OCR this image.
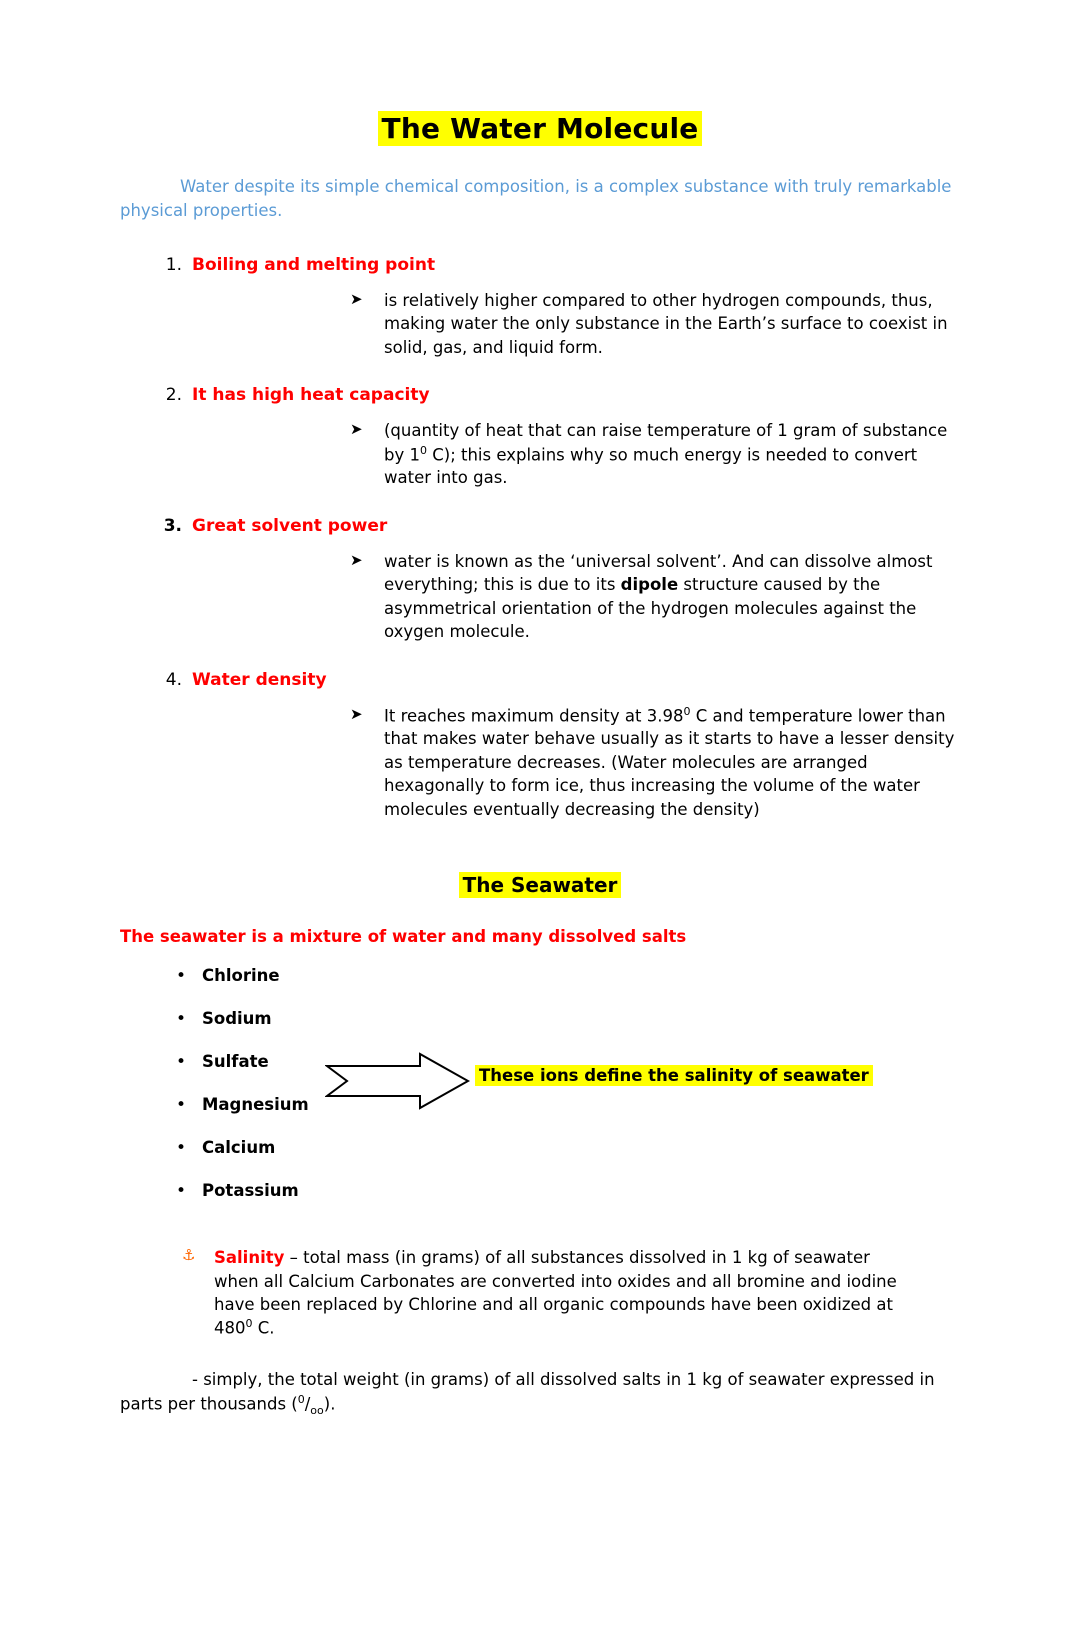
The Water Molecule

Water despite its simple chemical composition, is a complex substance with truly remarkable physical properties.

1. Boiling and melting point
➤	is relatively higher compared to other hydrogen compounds, thus, making water the only substance in the Earth’s surface to coexist in solid, gas, and liquid form.
2. It has high heat capacity
➤	(quantity of heat that can raise temperature of 1 gram of substance by $1^0$ C); this explains why so much energy is needed to convert water into gas.
3. Great solvent power
➤	water is known as the ‘universal solvent’. And can dissolve almost everything; this is due to its dipole structure caused by the asymmetrical orientation of the hydrogen molecules against the oxygen molecule.
4. Water density
➤	It reaches maximum density at 3.98$^0$ C and temperature lower than that makes water behave usually as it starts to have a lesser density as temperature decreases. (Water molecules are arranged hexagonally to form ice, thus increasing the volume of the water molecules eventually decreasing the density)
The Seawater

The seawater is a mixture of water and many dissolved salts

• Chlorine
• Sodium
• Sulfate
• Magnesium
• Calcium
• Potassium
These ions define the salinity of seawater
⚓	Salinity – total mass (in grams) of all substances dissolved in 1 kg of seawater when all Calcium Carbonates are converted into oxides and all bromine and iodine have been replaced by Chlorine and all organic compounds have been oxidized at $480^0$ C.

- simply, the total weight (in grams) of all dissolved salts in 1 kg of seawater expressed in parts per thousands $(^0/_{oo})$.
